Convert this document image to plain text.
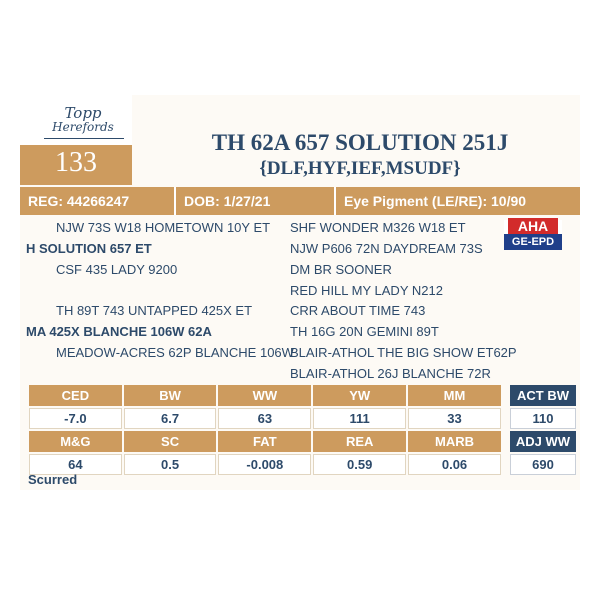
Topp
Herefords
133
TH 62A 657 SOLUTION 251J
{DLF,HYF,IEF,MSUDF}
REG: 44266247	DOB: 1/27/21	Eye Pigment (LE/RE): 10/90
NJW 73S W18 HOMETOWN 10Y ET
H SOLUTION 657 ET
CSF 435 LADY 9200
TH 89T 743 UNTAPPED 425X ET
MA 425X BLANCHE 106W 62A
MEADOW-ACRES 62P BLANCHE 106W
SHF WONDER M326 W18 ET
NJW P606 72N DAYDREAM 73S
DM BR SOONER
RED HILL MY LADY N212
CRR ABOUT TIME 743
TH 16G 20N GEMINI 89T
BLAIR-ATHOL THE BIG SHOW ET62P
BLAIR-ATHOL 26J BLANCHE 72R
AHA
GE-EPD
CED	BW	WW	YW	MM
-7.0	6.7	63	111	33
M&G	SC	FAT	REA	MARB
64	0.5	-0.008	0.59	0.06
ACT BW
110
ADJ WW
690
Scurred
